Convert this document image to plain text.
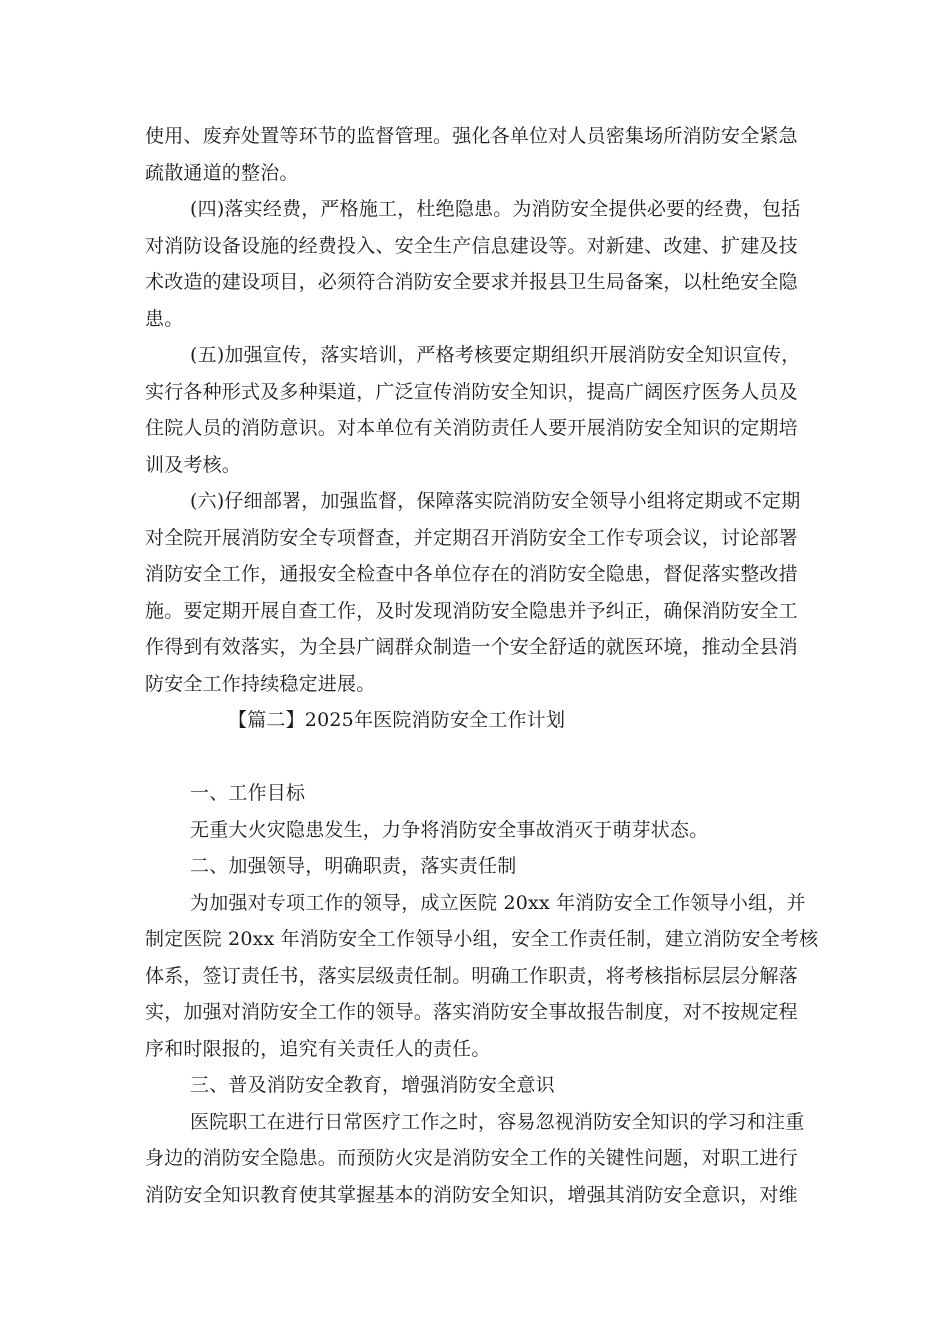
使用、废弃处置等环节的监督管理。强化各单位对人员密集场所消防安全紧急
疏散通道的整治。
(四)落实经费，严格施工，杜绝隐患。为消防安全提供必要的经费，包括
对消防设备设施的经费投入、安全生产信息建设等。对新建、改建、扩建及技
术改造的建设项目，必须符合消防安全要求并报县卫生局备案，以杜绝安全隐
患。
(五)加强宣传，落实培训，严格考核要定期组织开展消防安全知识宣传，
实行各种形式及多种渠道，广泛宣传消防安全知识，提高广阔医疗医务人员及
住院人员的消防意识。对本单位有关消防责任人要开展消防安全知识的定期培
训及考核。
(六)仔细部署，加强监督，保障落实院消防安全领导小组将定期或不定期
对全院开展消防安全专项督查，并定期召开消防安全工作专项会议，讨论部署
消防安全工作，通报安全检查中各单位存在的消防安全隐患，督促落实整改措
施。要定期开展自查工作，及时发现消防安全隐患并予纠正，确保消防安全工
作得到有效落实，为全县广阔群众制造一个安全舒适的就医环境，推动全县消
防安全工作持续稳定进展。
【篇二】2025年医院消防安全工作计划
一、工作目标
无重大火灾隐患发生，力争将消防安全事故消灭于萌芽状态。
二、加强领导，明确职责，落实责任制
为加强对专项工作的领导，成立医院 20xx 年消防安全工作领导小组，并
制定医院 20xx 年消防安全工作领导小组，安全工作责任制，建立消防安全考核
体系，签订责任书，落实层级责任制。明确工作职责，将考核指标层层分解落
实，加强对消防安全工作的领导。落实消防安全事故报告制度，对不按规定程
序和时限报的，追究有关责任人的责任。
三、普及消防安全教育，增强消防安全意识
医院职工在进行日常医疗工作之时，容易忽视消防安全知识的学习和注重
身边的消防安全隐患。而预防火灾是消防安全工作的关键性问题，对职工进行
消防安全知识教育使其掌握基本的消防安全知识，增强其消防安全意识，对维
